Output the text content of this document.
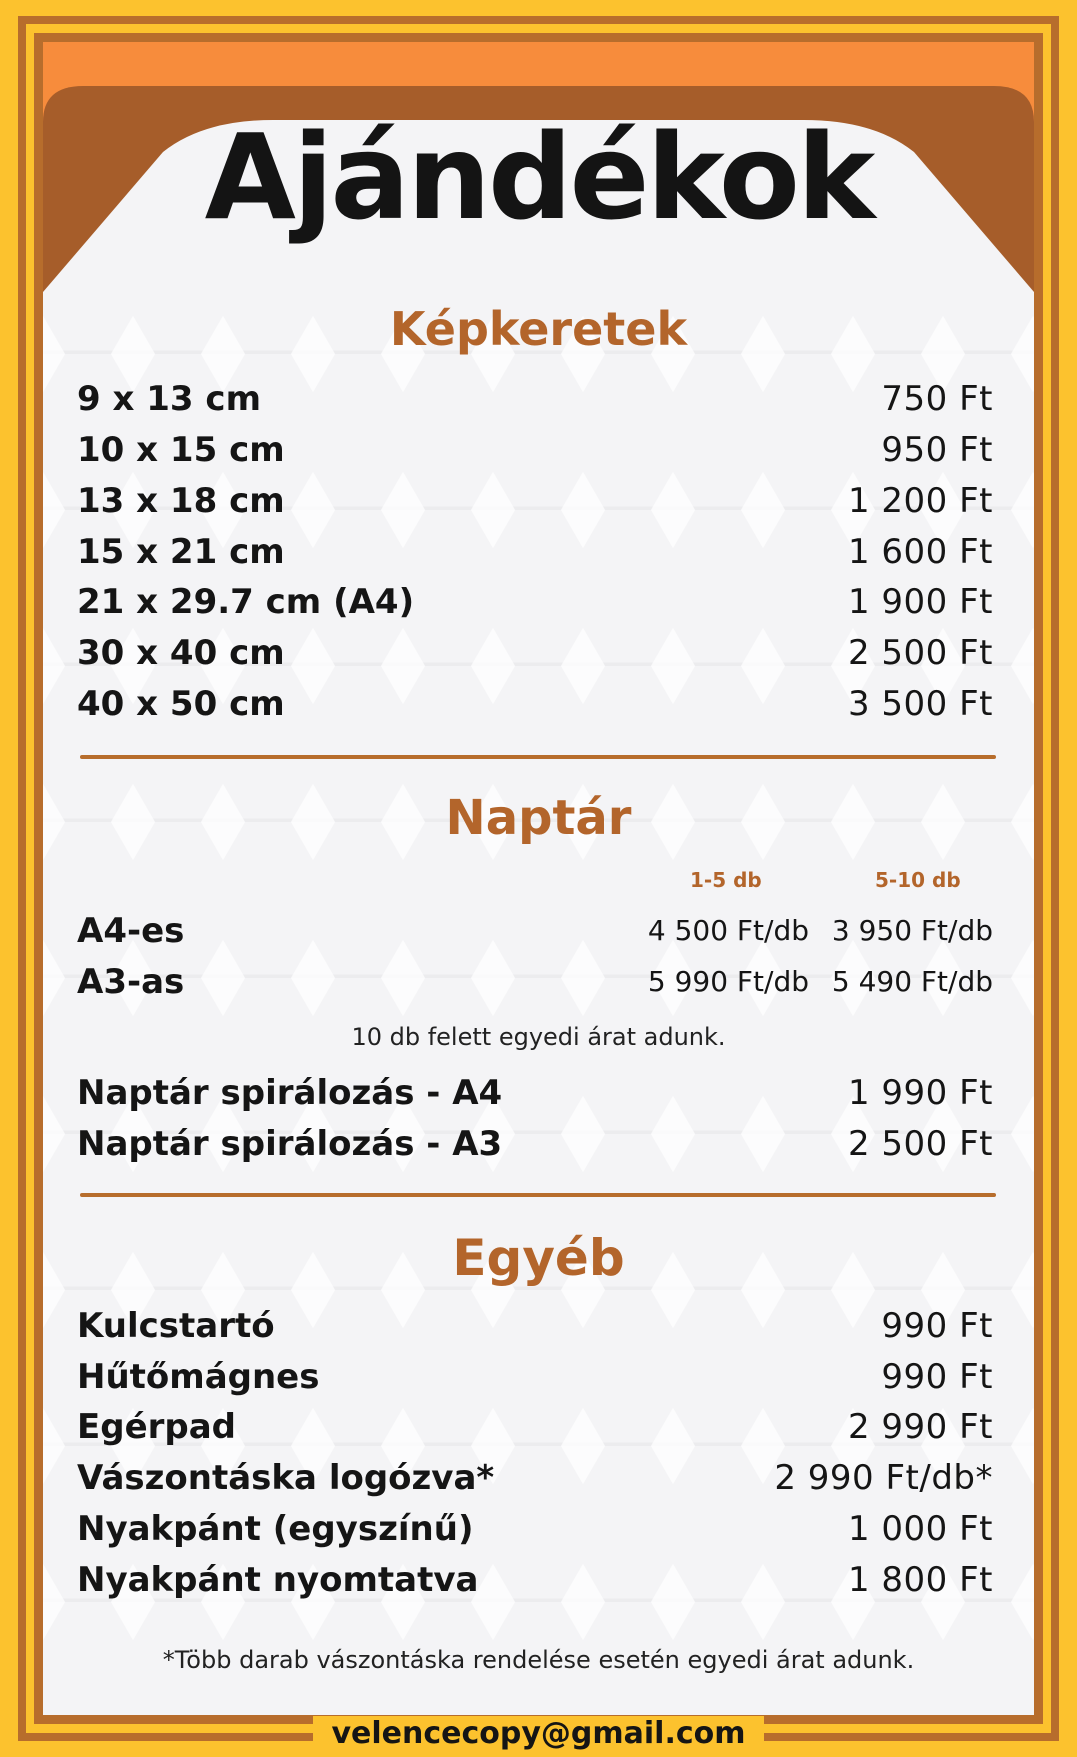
Ajándékok
Képkeretek
9 x 13 cm	750 Ft
10 x 15 cm	950 Ft
13 x 18 cm	1 200 Ft
15 x 21 cm	1 600 Ft
21 x 29.7 cm (A4)	1 900 Ft
30 x 40 cm	2 500 Ft
40 x 50 cm	3 500 Ft
Naptár
1-5 db	5-10 db
A4-es	4 500 Ft/db 3 950 Ft/db
A3-as	5 990 Ft/db 5 490 Ft/db
10 db felett egyedi árat adunk.
Naptár spirálozás - A4	1 990 Ft
Naptár spirálozás - A3	2 500 Ft
Egyéb
Kulcstartó	990 Ft
Hűtőmágnes	990 Ft
Egérpad	2 990 Ft
Vászontáska logózva*	2 990 Ft/db*
Nyakpánt (egyszínű)	1 000 Ft
Nyakpánt nyomtatva	1 800 Ft
*Több darab vászontáska rendelése esetén egyedi árat adunk.
velencecopy@gmail.com
